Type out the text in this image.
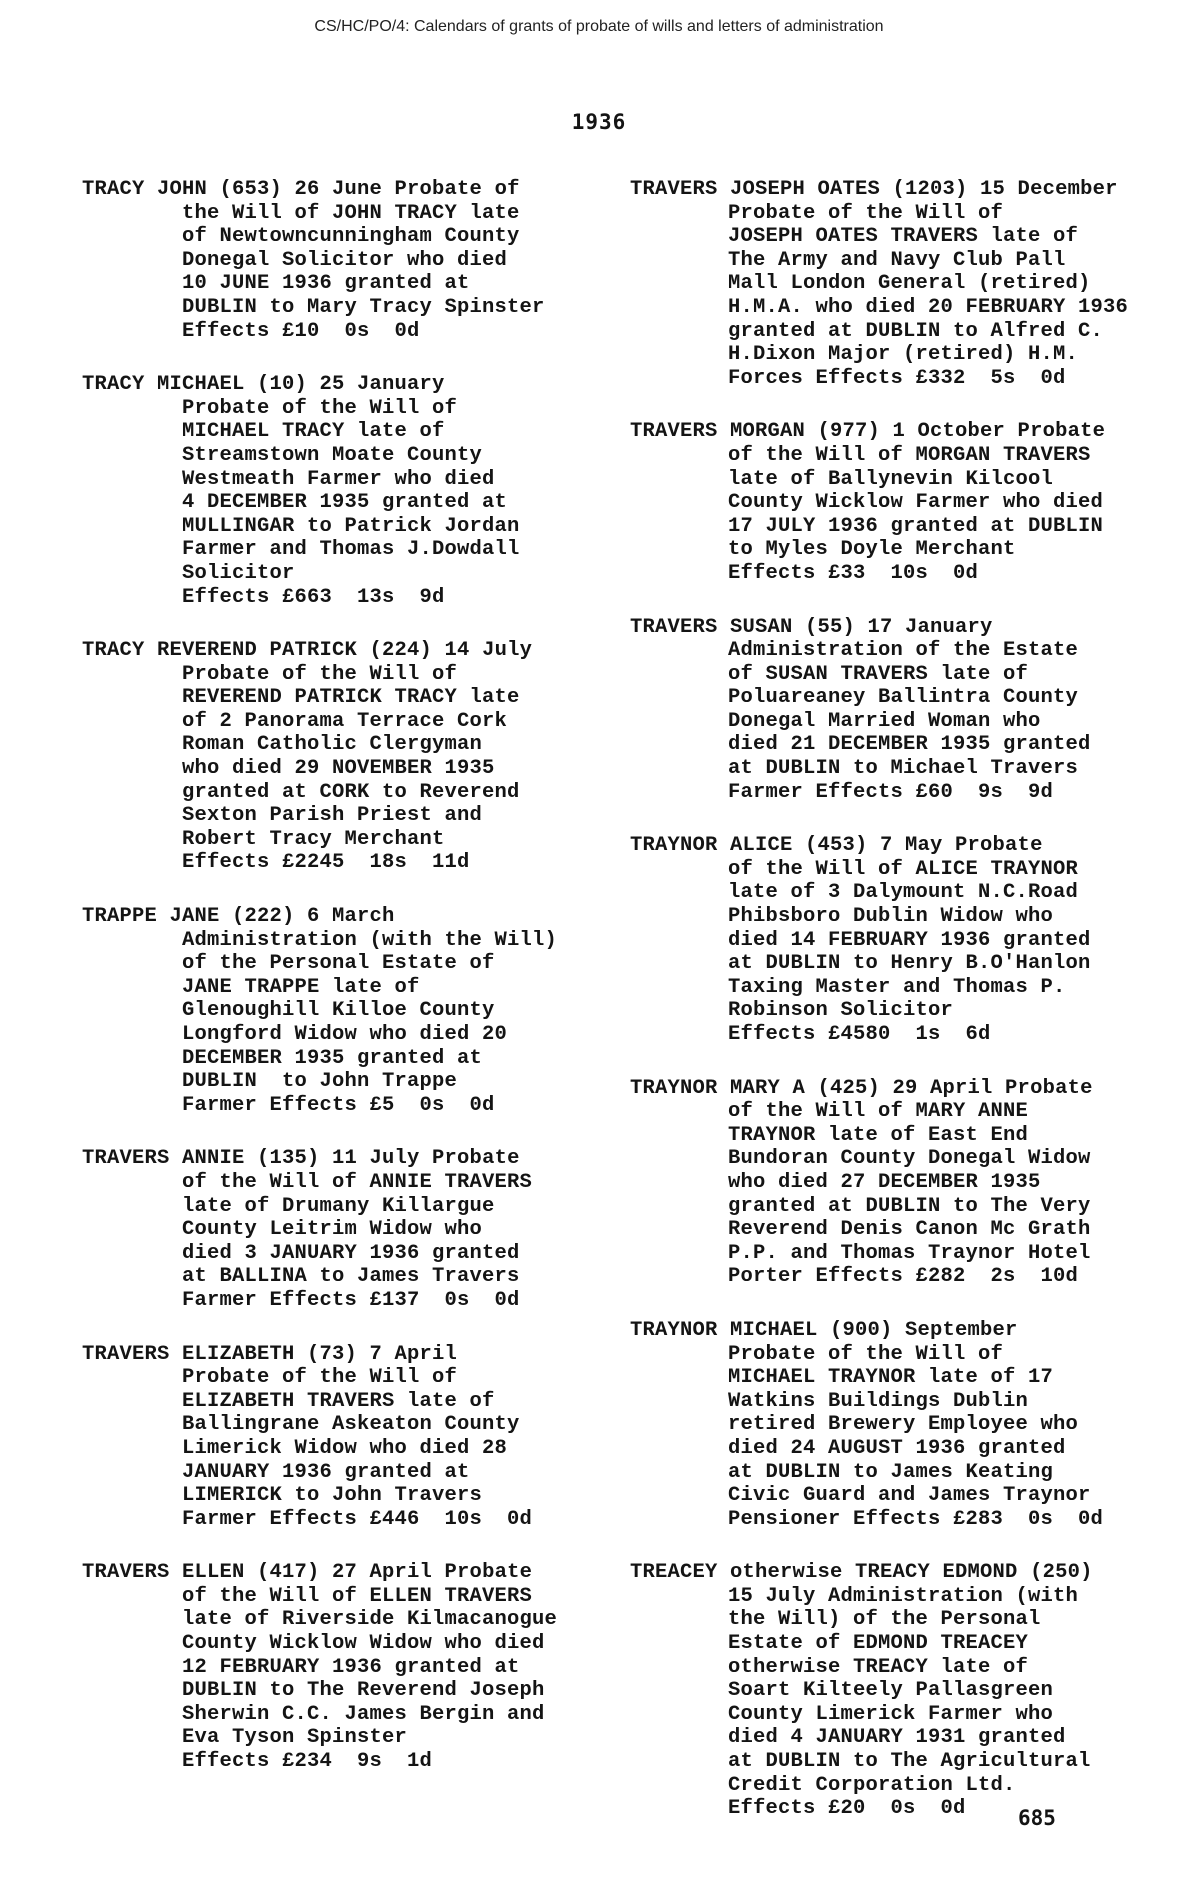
CS/HC/PO/4: Calendars of grants of probate of wills and letters of administration
1936
TRACY JOHN (653) 26 June Probate of
the Will of JOHN TRACY late
of Newtowncunningham County
Donegal Solicitor who died
10 JUNE 1936 granted at
DUBLIN to Mary Tracy Spinster
Effects £10  0s  0d
TRACY MICHAEL (10) 25 January
Probate of the Will of
MICHAEL TRACY late of
Streamstown Moate County
Westmeath Farmer who died
4 DECEMBER 1935 granted at
MULLINGAR to Patrick Jordan
Farmer and Thomas J.Dowdall
Solicitor
Effects £663  13s  9d
TRACY REVEREND PATRICK (224) 14 July
Probate of the Will of
REVEREND PATRICK TRACY late
of 2 Panorama Terrace Cork
Roman Catholic Clergyman
who died 29 NOVEMBER 1935
granted at CORK to Reverend
Sexton Parish Priest and
Robert Tracy Merchant
Effects £2245  18s  11d
TRAPPE JANE (222) 6 March
Administration (with the Will)
of the Personal Estate of
JANE TRAPPE late of
Glenoughill Killoe County
Longford Widow who died 20
DECEMBER 1935 granted at
DUBLIN  to John Trappe
Farmer Effects £5  0s  0d
TRAVERS ANNIE (135) 11 July Probate
of the Will of ANNIE TRAVERS
late of Drumany Killargue
County Leitrim Widow who
died 3 JANUARY 1936 granted
at BALLINA to James Travers
Farmer Effects £137  0s  0d
TRAVERS ELIZABETH (73) 7 April
Probate of the Will of
ELIZABETH TRAVERS late of
Ballingrane Askeaton County
Limerick Widow who died 28
JANUARY 1936 granted at
LIMERICK to John Travers
Farmer Effects £446  10s  0d
TRAVERS ELLEN (417) 27 April Probate
of the Will of ELLEN TRAVERS
late of Riverside Kilmacanogue
County Wicklow Widow who died
12 FEBRUARY 1936 granted at
DUBLIN to The Reverend Joseph
Sherwin C.C. James Bergin and
Eva Tyson Spinster
Effects £234  9s  1d
TRAVERS JOSEPH OATES (1203) 15 December
Probate of the Will of
JOSEPH OATES TRAVERS late of
The Army and Navy Club Pall
Mall London General (retired)
H.M.A. who died 20 FEBRUARY 1936
granted at DUBLIN to Alfred C.
H.Dixon Major (retired) H.M.
Forces Effects £332  5s  0d
TRAVERS MORGAN (977) 1 October Probate
of the Will of MORGAN TRAVERS
late of Ballynevin Kilcool
County Wicklow Farmer who died
17 JULY 1936 granted at DUBLIN
to Myles Doyle Merchant
Effects £33  10s  0d
TRAVERS SUSAN (55) 17 January
Administration of the Estate
of SUSAN TRAVERS late of
Poluareaney Ballintra County
Donegal Married Woman who
died 21 DECEMBER 1935 granted
at DUBLIN to Michael Travers
Farmer Effects £60  9s  9d
TRAYNOR ALICE (453) 7 May Probate
of the Will of ALICE TRAYNOR
late of 3 Dalymount N.C.Road
Phibsboro Dublin Widow who
died 14 FEBRUARY 1936 granted
at DUBLIN to Henry B.O'Hanlon
Taxing Master and Thomas P.
Robinson Solicitor
Effects £4580  1s  6d
TRAYNOR MARY A (425) 29 April Probate
of the Will of MARY ANNE
TRAYNOR late of East End
Bundoran County Donegal Widow
who died 27 DECEMBER 1935
granted at DUBLIN to The Very
Reverend Denis Canon Mc Grath
P.P. and Thomas Traynor Hotel
Porter Effects £282  2s  10d
TRAYNOR MICHAEL (900) September
Probate of the Will of
MICHAEL TRAYNOR late of 17
Watkins Buildings Dublin
retired Brewery Employee who
died 24 AUGUST 1936 granted
at DUBLIN to James Keating
Civic Guard and James Traynor
Pensioner Effects £283  0s  0d
TREACEY otherwise TREACY EDMOND (250)
15 July Administration (with
the Will) of the Personal
Estate of EDMOND TREACEY
otherwise TREACY late of
Soart Kilteely Pallasgreen
County Limerick Farmer who
died 4 JANUARY 1931 granted
at DUBLIN to The Agricultural
Credit Corporation Ltd.
Effects £20  0s  0d	685
